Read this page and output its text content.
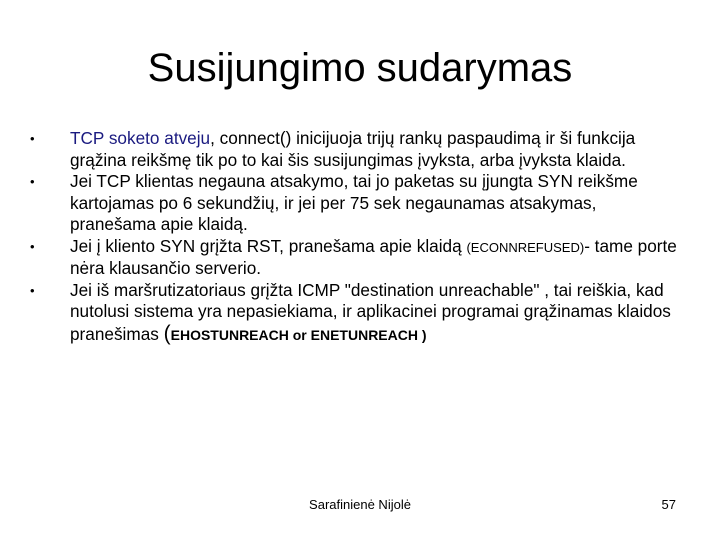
Susijungimo sudarymas
• TCP soketo atveju, connect() inicijuoja trijų rankų paspaudimą ir ši funkcija grąžina reikšmę tik po to kai šis susijungimas įvyksta, arba įvyksta klaida.
• Jei TCP klientas negauna atsakymo, tai jo paketas su įjungta SYN reikšme kartojamas po 6 sekundžių, ir jei per 75 sek negaunamas atsakymas, pranešama apie klaidą.
• Jei į kliento SYN grįžta RST, pranešama apie klaidą (ECONNREFUSED)- tame porte nėra klausančio serverio.
• Jei iš maršrutizatoriaus grįžta ICMP "destination unreachable" , tai reiškia, kad nutolusi sistema yra nepasiekiama, ir aplikacinei programai grąžinamas klaidos pranešimas (EHOSTUNREACH or ENETUNREACH )
Sarafinienė Nijolė	57
